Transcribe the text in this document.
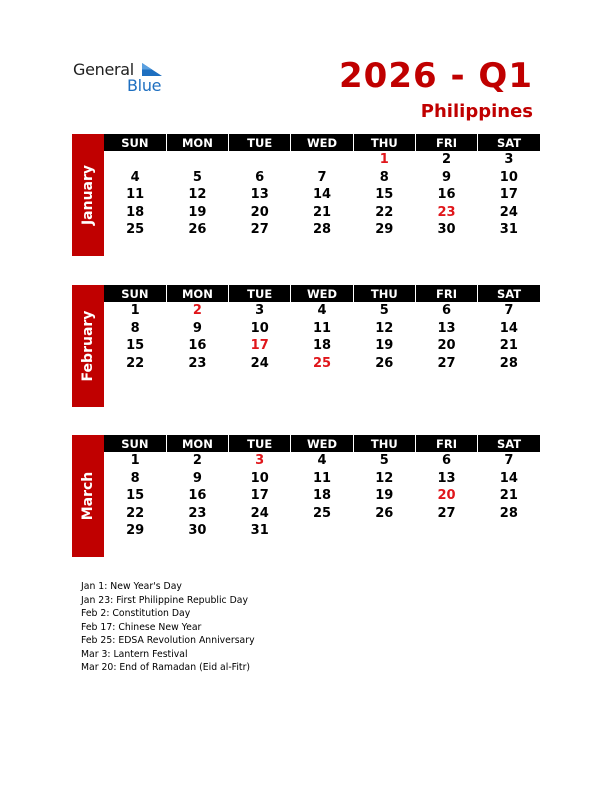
General
Blue	2026 - Q1
Philippines
January
SUN	MON	TUE	WED	THU	FRI	SAT
				1	2	3
4	5	6	7	8	9	10
11	12	13	14	15	16	17
18	19	20	21	22	23	24
25	26	27	28	29	30	31
February
SUN	MON	TUE	WED	THU	FRI	SAT
1	2	3	4	5	6	7
8	9	10	11	12	13	14
15	16	17	18	19	20	21
22	23	24	25	26	27	28
March
SUN	MON	TUE	WED	THU	FRI	SAT
1	2	3	4	5	6	7
8	9	10	11	12	13	14
15	16	17	18	19	20	21
22	23	24	25	26	27	28
29	30	31				
Jan 1: New Year's Day
Jan 23: First Philippine Republic Day
Feb 2: Constitution Day
Feb 17: Chinese New Year
Feb 25: EDSA Revolution Anniversary
Mar 3: Lantern Festival
Mar 20: End of Ramadan (Eid al-Fitr)
